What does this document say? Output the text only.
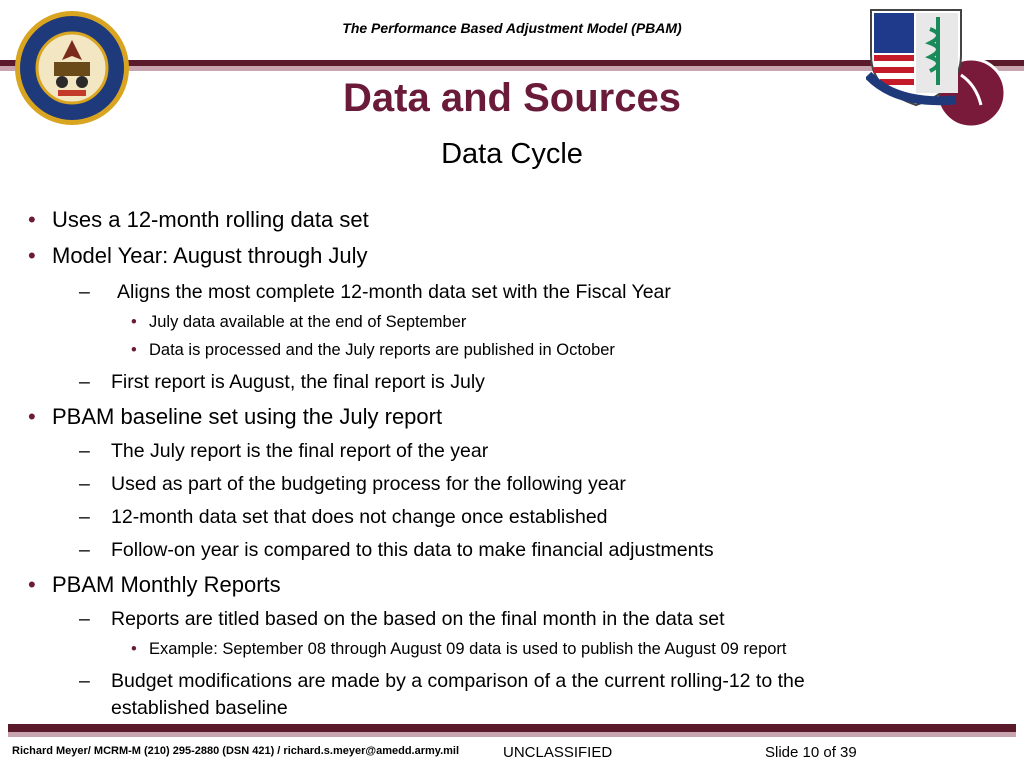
The Performance Based Adjustment Model (PBAM)
Data and Sources
Data Cycle
• Uses a 12-month rolling data set
• Model Year: August through July
– Aligns the most complete 12-month data set with the Fiscal Year
• July data available at the end of September
• Data is processed and the July reports are published in October
– First report is August, the final report is July
• PBAM baseline set using the July report
– The July report is the final report of the year
– Used as part of the budgeting process for the following year
– 12-month data set that does not change once established
– Follow-on year is compared to this data to make financial adjustments
• PBAM Monthly Reports
– Reports are titled based on the based on the final month in the data set
• Example: September 08 through August 09 data is used to publish the August 09 report
– Budget modifications are made by a comparison of a the current rolling-12 to the
established baseline
Richard Meyer/ MCRM-M (210) 295-2880 (DSN 421) / richard.s.meyer@amedd.army.mil	UNCLASSIFIED	Slide 10 of 39
